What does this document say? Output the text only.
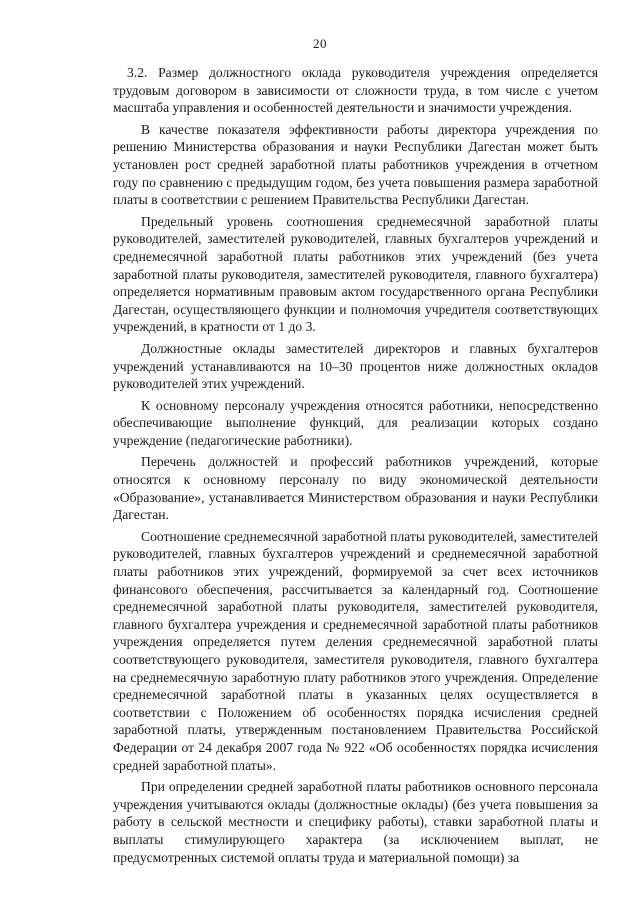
20

3.2. Размер должностного оклада руководителя учреждения определяется трудовым договором в зависимости от сложности труда, в том числе с учетом масштаба управления и особенностей деятельности и значимости учреждения.

В качестве показателя эффективности работы директора учреждения по решению Министерства образования и науки Республики Дагестан может быть установлен рост средней заработной платы работников учреждения в отчетном году по сравнению с предыдущим годом, без учета повышения размера заработной платы в соответствии с решением Правительства Республики Дагестан.

Предельный уровень соотношения среднемесячной заработной платы руководителей, заместителей руководителей, главных бухгалтеров учреждений и среднемесячной заработной платы работников этих учреждений (без учета заработной платы руководителя, заместителей руководителя, главного бухгалтера) определяется нормативным правовым актом государственного органа Республики Дагестан, осуществляющего функции и полномочия учредителя соответствующих учреждений, в кратности от 1 до 3.

Должностные оклады заместителей директоров и главных бухгалтеров учреждений устанавливаются на 10–30 процентов ниже должностных окладов руководителей этих учреждений.

К основному персоналу учреждения относятся работники, непосредственно обеспечивающие выполнение функций, для реализации которых создано учреждение (педагогические работники).

Перечень должностей и профессий работников учреждений, которые относятся к основному персоналу по виду экономической деятельности «Образование», устанавливается Министерством образования и науки Республики Дагестан.

Соотношение среднемесячной заработной платы руководителей, заместителей руководителей, главных бухгалтеров учреждений и среднемесячной заработной платы работников этих учреждений, формируемой за счет всех источников финансового обеспечения, рассчитывается за календарный год. Соотношение среднемесячной заработной платы руководителя, заместителей руководителя, главного бухгалтера учреждения и среднемесячной заработной платы работников учреждения определяется путем деления среднемесячной заработной платы соответствующего руководителя, заместителя руководителя, главного бухгалтера на среднемесячную заработную плату работников этого учреждения. Определение среднемесячной заработной платы в указанных целях осуществляется в соответствии с Положением об особенностях порядка исчисления средней заработной платы, утвержденным постановлением Правительства Российской Федерации от 24 декабря 2007 года № 922 «Об особенностях порядка исчисления средней заработной платы».

При определении средней заработной платы работников основного персонала учреждения учитываются оклады (должностные оклады) (без учета повышения за работу в сельской местности и специфику работы), ставки заработной платы и выплаты стимулирующего характера (за исключением выплат, не предусмотренных системой оплаты труда и материальной помощи) за
